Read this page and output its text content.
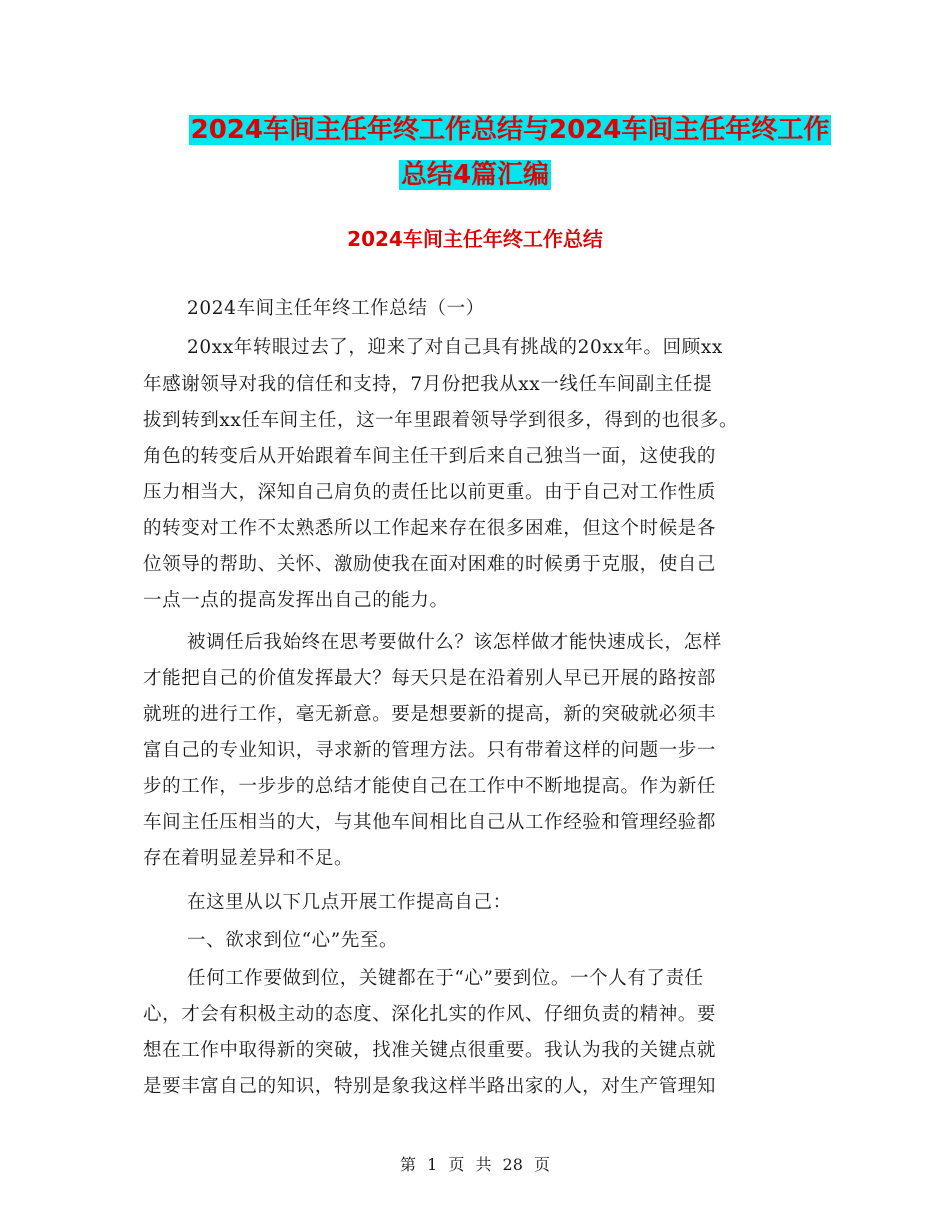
2024车间主任年终工作总结与2024车间主任年终工作
总结4篇汇编
2024车间主任年终工作总结
2024车间主任年终工作总结（一）
20xx年转眼过去了，迎来了对自己具有挑战的20xx年。回顾xx
年感谢领导对我的信任和支持，7月份把我从xx一线任车间副主任提
拔到转到xx任车间主任，这一年里跟着领导学到很多，得到的也很多。
角色的转变后从开始跟着车间主任干到后来自己独当一面，这使我的
压力相当大，深知自己肩负的责任比以前更重。由于自己对工作性质
的转变对工作不太熟悉所以工作起来存在很多困难，但这个时候是各
位领导的帮助、关怀、激励使我在面对困难的时候勇于克服，使自己
一点一点的提高发挥出自己的能力。
被调任后我始终在思考要做什么？该怎样做才能快速成长，怎样
才能把自己的价值发挥最大？每天只是在沿着别人早已开展的路按部
就班的进行工作，毫无新意。要是想要新的提高，新的突破就必须丰
富自己的专业知识，寻求新的管理方法。只有带着这样的问题一步一
步的工作，一步步的总结才能使自己在工作中不断地提高。作为新任
车间主任压相当的大，与其他车间相比自己从工作经验和管理经验都
存在着明显差异和不足。
在这里从以下几点开展工作提高自己：
一、欲求到位“心”先至。
任何工作要做到位，关键都在于“心”要到位。一个人有了责任
心，才会有积极主动的态度、深化扎实的作风、仔细负责的精神。要
想在工作中取得新的突破，找准关键点很重要。我认为我的关键点就
是要丰富自己的知识，特别是象我这样半路出家的人，对生产管理知
第 1 页 共 28 页
